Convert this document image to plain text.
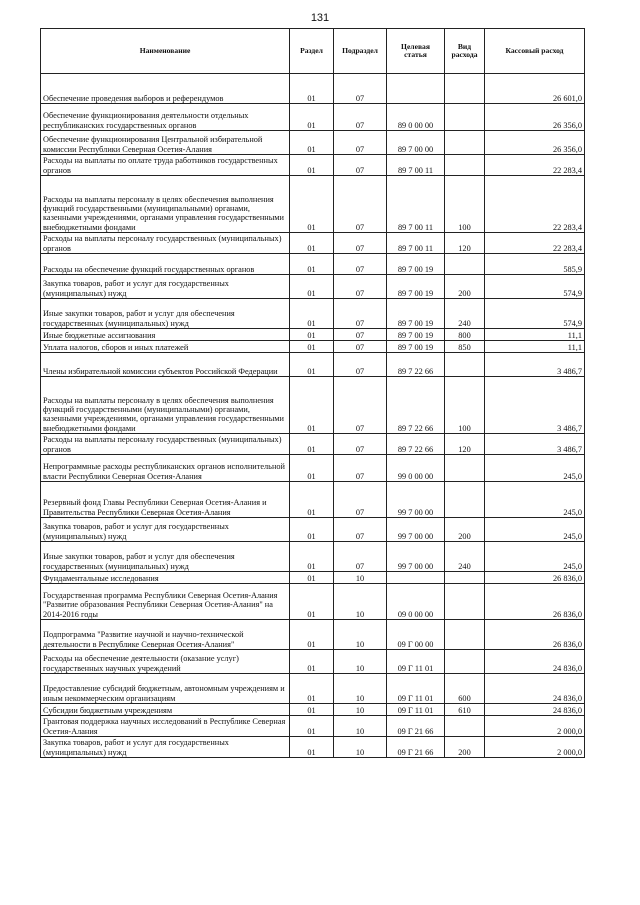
131
Наименование	Раздел	Подраздел	Целевая статья	Вид расхода	Кассовый расход
Обеспечение проведения выборов и референдумов	01	07			26 601,0
Обеспечение функционирования деятельности отдельных республиканских государственных органов	01	07	89 0 00 00		26 356,0
Обеспечение функционирования Центральной избирательной комиссии Республики Северная Осетия-Алания	01	07	89 7 00 00		26 356,0
Расходы на выплаты по оплате труда работников государственных органов	01	07	89 7 00 11		22 283,4
Расходы на выплаты персоналу в целях обеспечения выполнения функций государственными (муниципальными) органами, казенными учреждениями, органами управления государственными внебюджетными фондами	01	07	89 7 00 11	100	22 283,4
Расходы на выплаты персоналу государственных (муниципальных) органов	01	07	89 7 00 11	120	22 283,4
Расходы на обеспечение функций государственных органов	01	07	89 7 00 19		585,9
Закупка товаров, работ и услуг для государственных (муниципальных) нужд	01	07	89 7 00 19	200	574,9
Иные закупки товаров, работ и услуг для обеспечения государственных (муниципальных) нужд	01	07	89 7 00 19	240	574,9
Иные бюджетные ассигнования	01	07	89 7 00 19	800	11,1
Уплата налогов, сборов и иных платежей	01	07	89 7 00 19	850	11,1
Члены избирательной комиссии субъектов Российской Федерации	01	07	89 7 22 66		3 486,7
Расходы на выплаты персоналу в целях обеспечения выполнения функций государственными (муниципальными) органами, казенными учреждениями, органами управления государственными внебюджетными фондами	01	07	89 7 22 66	100	3 486,7
Расходы на выплаты персоналу государственных (муниципальных) органов	01	07	89 7 22 66	120	3 486,7
Непрограммные расходы республиканских органов исполнительной власти Республики Северная Осетия-Алания	01	07	99 0 00 00		245,0
Резервный фонд Главы Республики Северная Осетия-Алания и Правительства Республики Северная Осетия-Алания	01	07	99 7 00 00		245,0
Закупка товаров, работ и услуг для государственных (муниципальных) нужд	01	07	99 7 00 00	200	245,0
Иные закупки товаров, работ и услуг для обеспечения государственных (муниципальных) нужд	01	07	99 7 00 00	240	245,0
Фундаментальные исследования	01	10			26 836,0
Государственная программа Республики Северная Осетия-Алания "Развитие образования Республики Северная Осетия-Алания" на 2014-2016 годы	01	10	09 0 00 00		26 836,0
Подпрограмма "Развитие научной и научно-технической деятельности в Республике Северная Осетия-Алания"	01	10	09 Г 00 00		26 836,0
Расходы на обеспечение деятельности (оказание услуг) государственных научных учреждений	01	10	09 Г 11 01		24 836,0
Предоставление субсидий бюджетным, автономным учреждениям и иным некоммерческим организациям	01	10	09 Г 11 01	600	24 836,0
Субсидии бюджетным учреждениям	01	10	09 Г 11 01	610	24 836,0
Грантовая поддержка научных исследований в Республике Северная Осетия-Алания	01	10	09 Г 21 66		2 000,0
Закупка товаров, работ и услуг для государственных (муниципальных) нужд	01	10	09 Г 21 66	200	2 000,0
